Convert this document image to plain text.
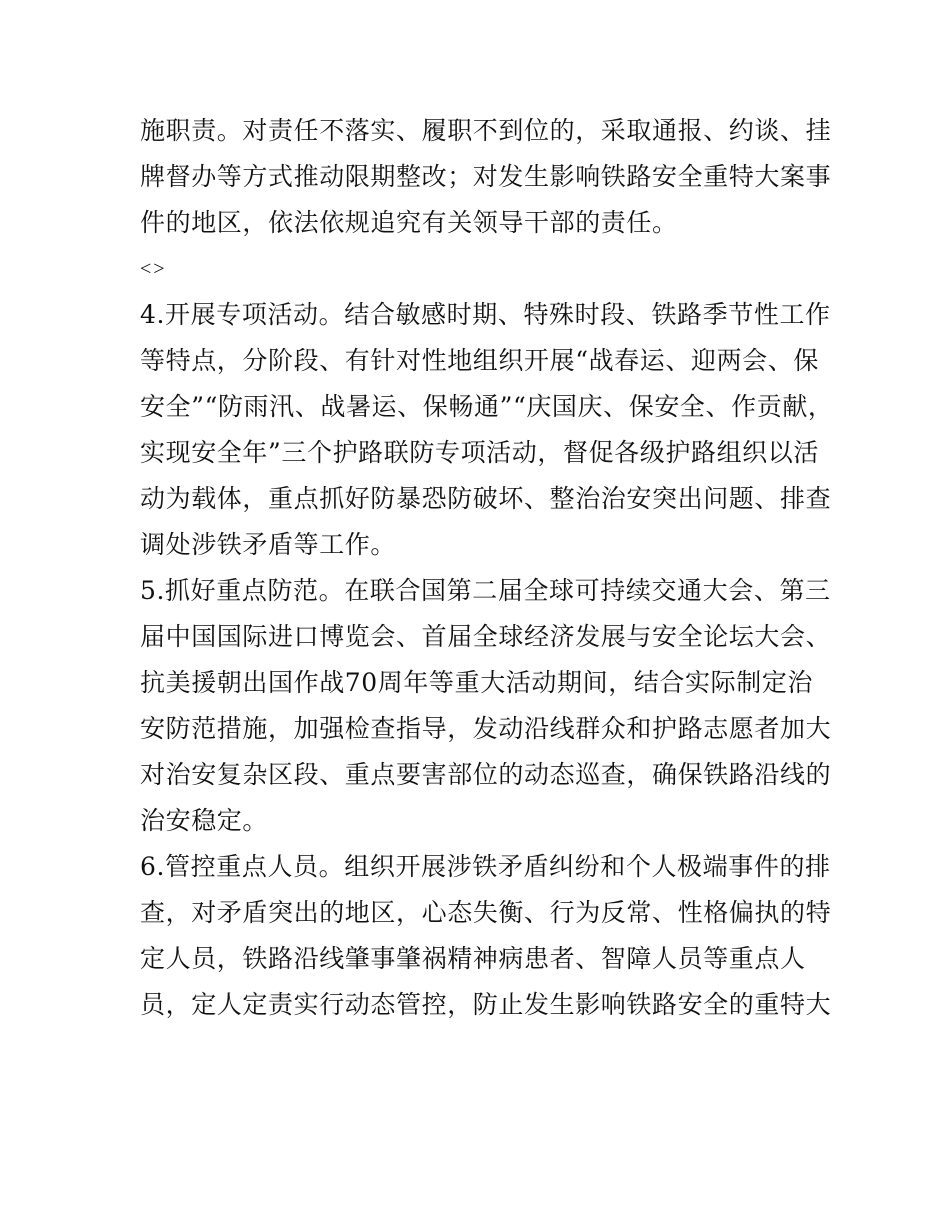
施职责。对责任不落实、履职不到位的，采取通报、约谈、挂
牌督办等方式推动限期整改；对发生影响铁路安全重特大案事
件的地区，依法依规追究有关领导干部的责任。
<>
4.开展专项活动。结合敏感时期、特殊时段、铁路季节性工作
等特点，分阶段、有针对性地组织开展“战春运、迎两会、保
安全”“防雨汛、战暑运、保畅通”“庆国庆、保安全、作贡献，
实现安全年”三个护路联防专项活动，督促各级护路组织以活
动为载体，重点抓好防暴恐防破坏、整治治安突出问题、排查
调处涉铁矛盾等工作。
5.抓好重点防范。在联合国第二届全球可持续交通大会、第三
届中国国际进口博览会、首届全球经济发展与安全论坛大会、
抗美援朝出国作战70周年等重大活动期间，结合实际制定治
安防范措施，加强检查指导，发动沿线群众和护路志愿者加大
对治安复杂区段、重点要害部位的动态巡查，确保铁路沿线的
治安稳定。
6.管控重点人员。组织开展涉铁矛盾纠纷和个人极端事件的排
查，对矛盾突出的地区，心态失衡、行为反常、性格偏执的特
定人员，铁路沿线肇事肇祸精神病患者、智障人员等重点人
员，定人定责实行动态管控，防止发生影响铁路安全的重特大
